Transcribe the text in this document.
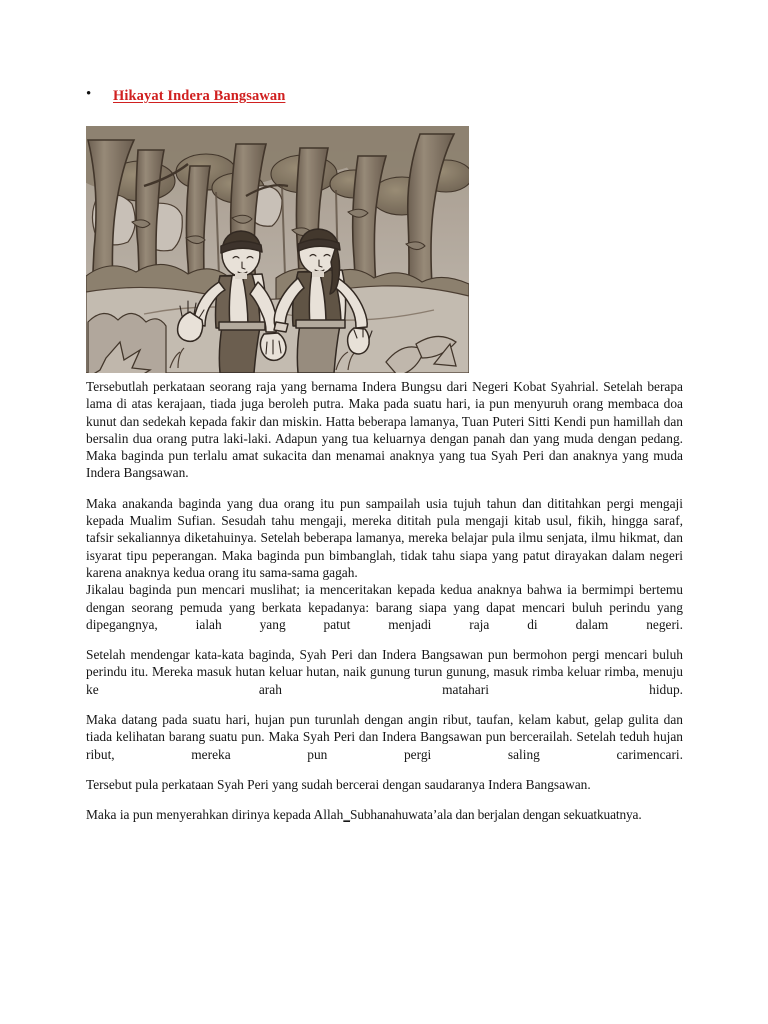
•
Hikayat Indera Bangsawan

Tersebutlah perkataan seorang raja yang bernama Indera Bungsu dari Negeri Kobat Syahrial. Setelah berapa lama di atas kerajaan, tiada juga beroleh putra. Maka pada suatu hari, ia pun menyuruh orang membaca doa kunut dan sedekah kepada fakir dan miskin. Hatta beberapa lamanya, Tuan Puteri Sitti Kendi pun hamillah dan bersalin dua orang putra laki-laki. Adapun yang tua keluarnya dengan panah dan yang muda dengan pedang. Maka baginda pun terlalu amat sukacita dan menamai anaknya yang tua Syah Peri dan anaknya yang muda Indera Bangsawan.

Maka anakanda baginda yang dua orang itu pun sampailah usia tujuh tahun dan dititahkan pergi mengaji kepada Mualim Sufian. Sesudah tahu mengaji, mereka dititah pula mengaji kitab usul, fikih, hingga saraf, tafsir sekaliannya diketahuinya. Setelah beberapa lamanya, mereka belajar pula ilmu senjata, ilmu hikmat, dan isyarat tipu peperangan. Maka baginda pun bimbanglah, tidak tahu siapa yang patut dirayakan dalam negeri karena anaknya kedua orang itu sama-sama gagah.

Jikalau baginda pun mencari muslihat; ia menceritakan kepada kedua anaknya bahwa ia bermimpi bertemu dengan seorang pemuda yang berkata kepadanya: barang siapa yang dapat mencari buluh perindu yang dipegangnya, ialah yang patut menjadi raja di dalam negeri.

Setelah mendengar kata-kata baginda, Syah Peri dan Indera Bangsawan pun bermohon pergi mencari buluh perindu itu. Mereka masuk hutan keluar hutan, naik gunung turun gunung, masuk rimba keluar rimba, menuju ke arah matahari hidup.

Maka datang pada suatu hari, hujan pun turunlah dengan angin ribut, taufan, kelam kabut, gelap gulita dan tiada kelihatan barang suatu pun. Maka Syah Peri dan Indera Bangsawan pun bercerailah. Setelah teduh hujan ribut, mereka pun pergi saling carimencari.

Tersebut pula perkataan Syah Peri yang sudah bercerai dengan saudaranya Indera Bangsawan.

Maka ia pun menyerahkan dirinya kepada Allah_Subhanahuwata’ala dan berjalan dengan sekuatkuatnya.
